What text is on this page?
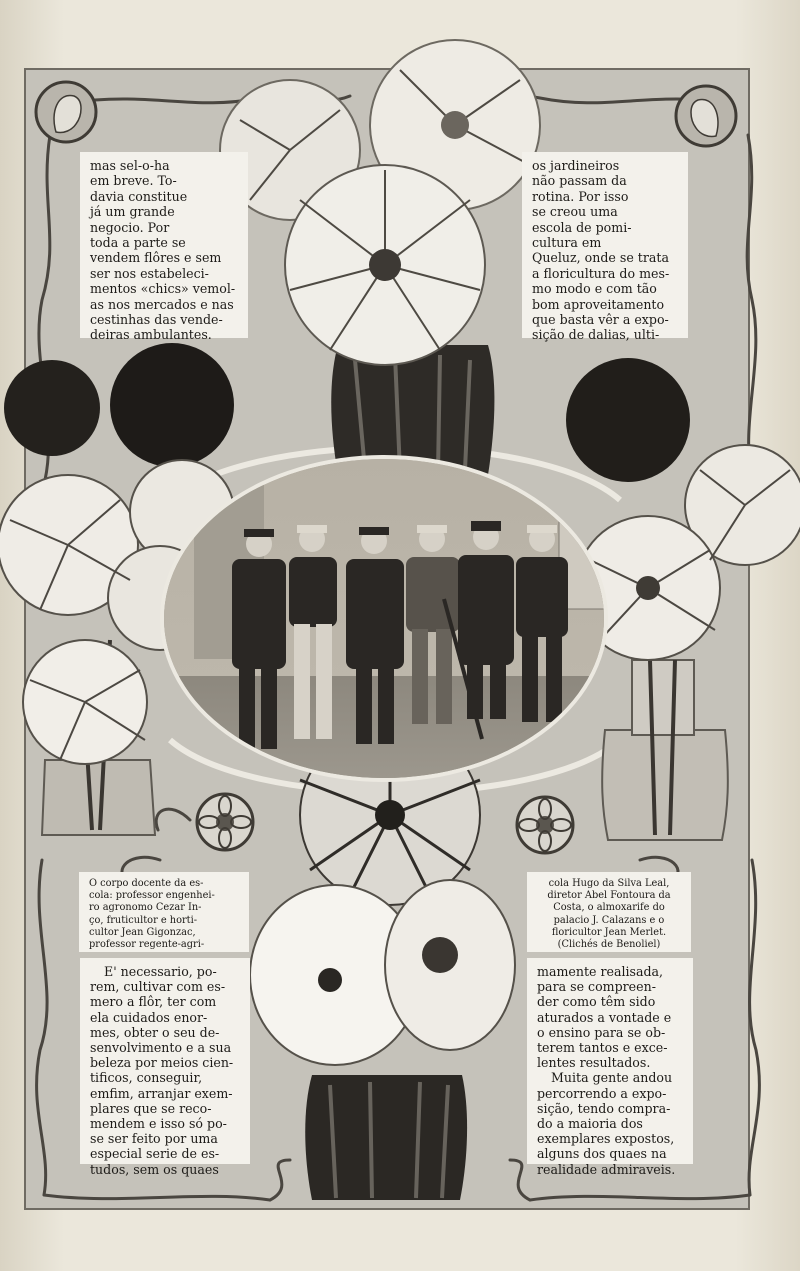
mas sel-o-ha

em breve. To-

davia constitue

já um grande

negocio. Por

toda a parte se

vendem flôres e sem

ser nos estabeleci-

mentos «chics» vemol-

as nos mercados e nas

cestinhas das vende-

deiras ambulantes.

os jardineiros

não passam da

rotina. Por isso

se creou uma

escola de pomi-

cultura em

Queluz, onde se trata

a floricultura do mes-

mo modo e com tão

bom aproveitamento

que basta vêr a expo-

sição de dalias, ulti-

O corpo docente da es-

cola: professor engenhei-

ro agronomo Cezar In-

ço, fruticultor e horti-

cultor Jean Gigonzac,

professor regente-agri-

cola Hugo da Silva Leal,

diretor Abel Fontoura da

Costa, o almoxarife do

palacio J. Calazans e o

floricultor Jean Merlet.

(Clichés de Benoliel)

E' necessario, po-

rem, cultivar com es-

mero a flôr, ter com

ela cuidados enor-

mes, obter o seu de-

senvolvimento e a sua

beleza por meios cien-

tificos, conseguir,

emfim, arranjar exem-

plares que se reco-

mendem e isso só po-

se ser feito por uma

especial serie de es-

tudos, sem os quaes

mamente realisada,

para se compreen-

der como têm sido

aturados a vontade e

o ensino para se ob-

terem tantos e exce-

lentes resultados.

Muita gente andou

percorrendo a expo-

sição, tendo compra-

do a maioria dos

exemplares expostos,

alguns dos quaes na

realidade admiraveis.
